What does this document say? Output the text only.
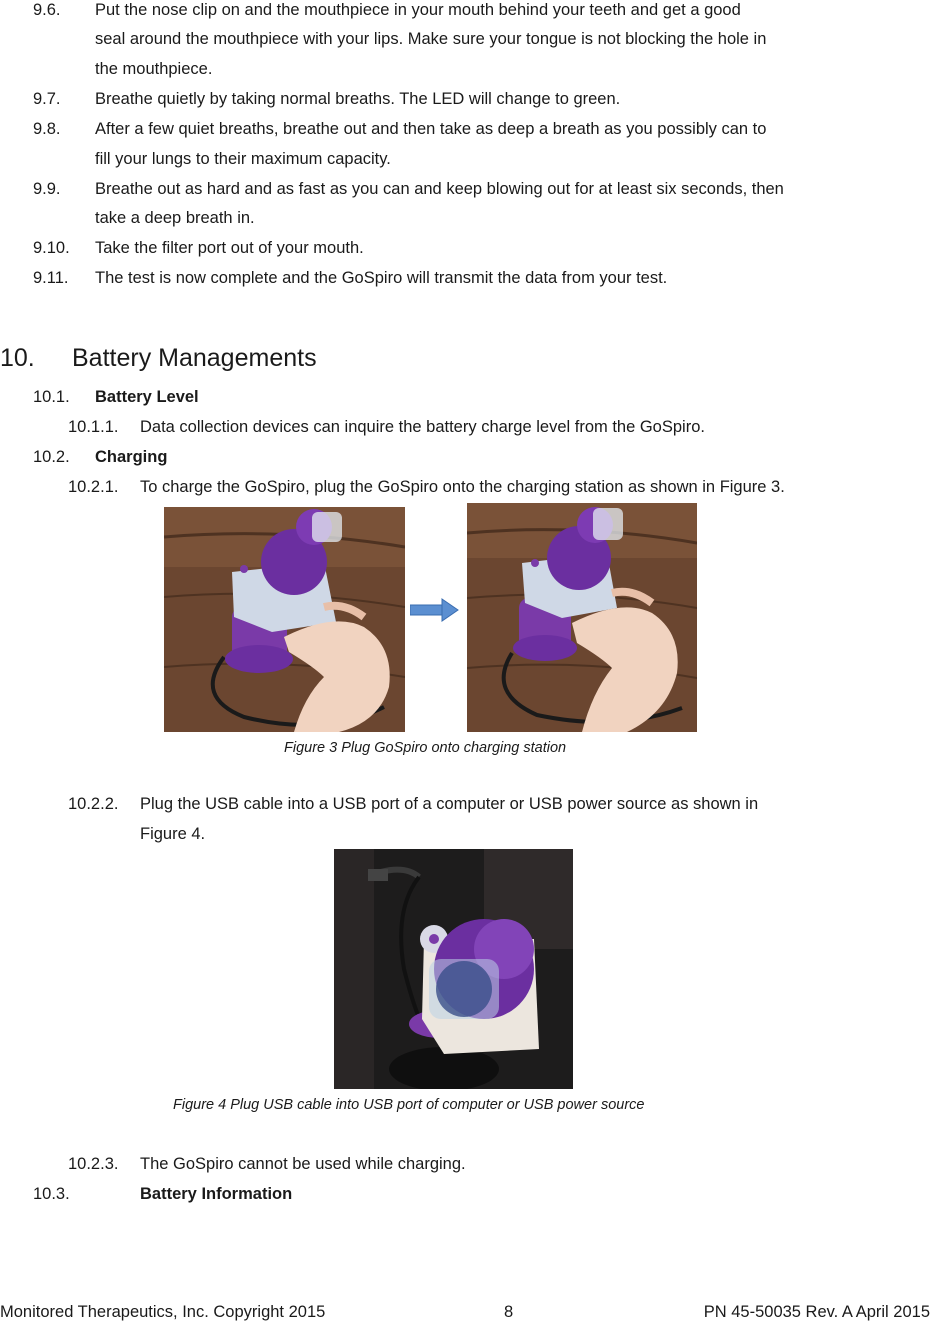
9.6. Put the nose clip on and the mouthpiece in your mouth behind your teeth and get a good
seal around the mouthpiece with your lips. Make sure your tongue is not blocking the hole in
the mouthpiece.
9.7. Breathe quietly by taking normal breaths. The LED will change to green.
9.8. After a few quiet breaths, breathe out and then take as deep a breath as you possibly can to
fill your lungs to their maximum capacity.
9.9. Breathe out as hard and as fast as you can and keep blowing out for at least six seconds, then
take a deep breath in.
9.10. Take the filter port out of your mouth.
9.11. The test is now complete and the GoSpiro will transmit the data from your test.
10. Battery Managements
10.1. Battery Level
10.1.1. Data collection devices can inquire the battery charge level from the GoSpiro.
10.2. Charging
10.2.1. To charge the GoSpiro, plug the GoSpiro onto the charging station as shown in Figure 3.
Figure 3 Plug GoSpiro onto charging station
10.2.2. Plug the USB cable into a USB port of a computer or USB power source as shown in
Figure 4.
Figure 4 Plug USB cable into USB port of computer or USB power source
10.2.3. The GoSpiro cannot be used while charging.
10.3.	Battery Information
Monitored Therapeutics, Inc. Copyright 2015	8	PN 45-50035 Rev. A April 2015
